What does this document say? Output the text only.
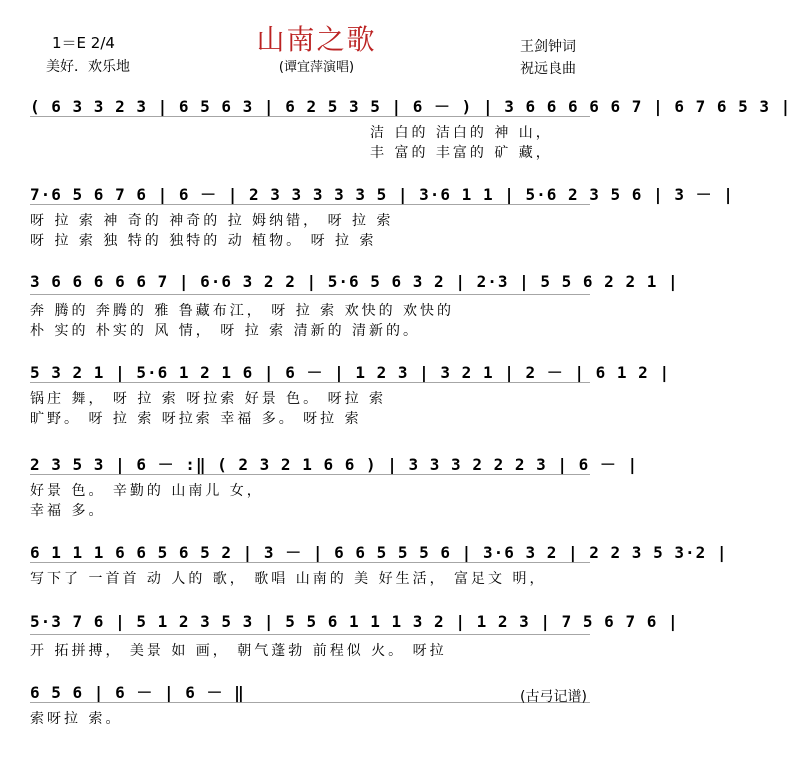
山南之歌
1＝E 2/4
美好．欢乐地	(谭宜萍演唱)
王剑钟词
祝远良曲
( 6 3 3 2 3 | 6 5 6 3 | 6 2 5 3 5 | 6 － ) | 3 6 6 6 6 6 7 | 6 7 6 5 3 |
洁 白的 洁白的 神 山，
丰 富的 丰富的 矿 藏，
7·6 5 6 7 6 | 6 － | 2 3 3 3 3 3 5 | 3·6 1 1 | 5·6 2 3 5 6 | 3 － |
呀 拉 索 神 奇的 神奇的 拉 姆纳错， 呀 拉 索
呀 拉 索 独 特的 独特的 动 植物。 呀 拉 索
3 6 6 6 6 6 7 | 6·6 3 2 2 | 5·6 5 6 3 2 | 2·3 | 5 5 6 2 2 1 |
奔 腾的 奔腾的 雅 鲁藏布江， 呀 拉 索 欢快的 欢快的
朴 实的 朴实的 风 情， 呀 拉 索 清新的 清新的。
5 3 2 1 | 5·6 1 2 1 6 | 6 － | 1 2 3 | 3 2 1 | 2 － | 6 1 2 |
锅庄 舞， 呀 拉 索 呀拉索 好景 色。 呀拉 索
旷野。 呀 拉 索 呀拉索 幸福 多。 呀拉 索
2 3 5 3 | 6 － :‖ ( 2 3 2 1 6 6 ) | 3 3 3 2 2 2 3 | 6 － |
好景 色。 辛勤的 山南儿 女，
幸福 多。
6 1 1 1 6 6 5 6 5 2 | 3 － | 6 6 5 5 5 6 | 3·6 3 2 | 2 2 3 5 3·2 |
写下了 一首首 动 人的 歌， 歌唱 山南的 美 好生活， 富足文 明，
5·3 7 6 | 5 1 2 3 5 3 | 5 5 6 1 1 1 3 2 | 1 2 3 | 7 5 6 7 6 |
开 拓拼搏， 美景 如 画， 朝气蓬勃 前程似 火。 呀拉
6 5 6 | 6 － | 6 － ‖
索呀拉 索。
(古弓记谱)
